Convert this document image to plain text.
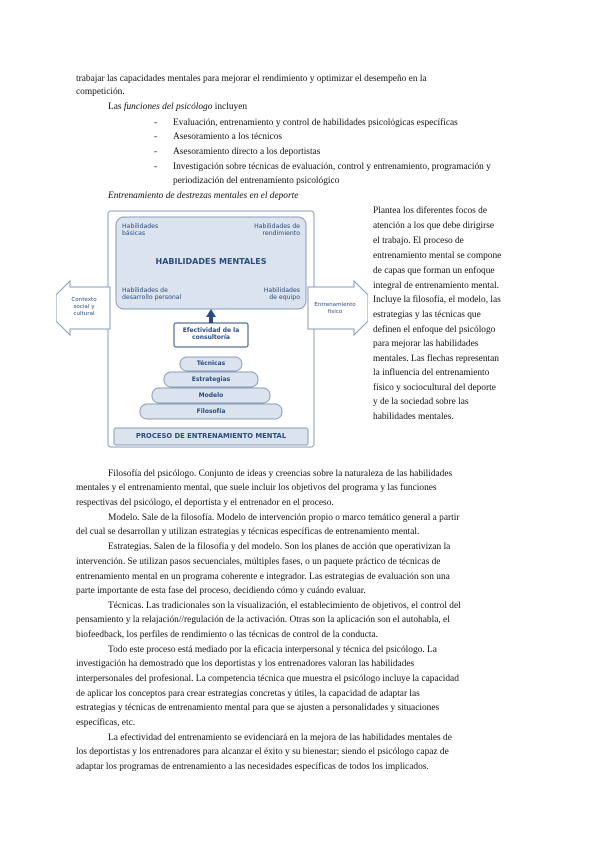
trabajar las capacidades mentales para mejorar el rendimiento y optimizar el desempeño en la
competición.
Las funciones del psicólogo incluyen
- Evaluación, entrenamiento y control de habilidades psicológicas específicas
- Asesoramiento a los técnicos
- Asesoramiento directo a los deportistas
- Investigación sobre técnicas de evaluación, control y entrenamiento, programación y
periodización del entrenamiento psicológico
Entrenamiento de destrezas mentales en el deporte
Habilidades
básicas
Habilidades de
rendimiento
HABILIDADES MENTALES
Habilidades de
desarrollo personal
Habilidades
de equipo
Contexto
social y
cultural
Entrenamiento
físico
Efectividad de la
consultoría
Técnicas
Estrategias
Modelo
Filosofía
PROCESO DE ENTRENAMIENTO MENTAL
Plantea los diferentes focos de
atención a los que debe dirigirse
el trabajo. El proceso de
entrenamiento mental se compone
de capas que forman un enfoque
integral de entrenamiento mental.
Incluye la filosofía, el modelo, las
estrategias y las técnicas que
definen el enfoque del psicólogo
para mejorar las habilidades
mentales. Las flechas representan
la influencia del entrenamiento
físico y sociocultural del deporte
y de la sociedad sobre las
habilidades mentales.
Filosofía del psicólogo. Conjunto de ideas y creencias sobre la naturaleza de las habilidades
mentales y el entrenamiento mental, que suele incluir los objetivos del programa y las funciones
respectivas del psicólogo, el deportista y el entrenador en el proceso.
Modelo. Sale de la filosofía. Modelo de intervención propio o marco temático general a partir
del cual se desarrollan y utilizan estrategias y técnicas específicas de entrenamiento mental.
Estrategias. Salen de la filosofía y del modelo. Son los planes de acción que operativizan la
intervención. Se utilizan pasos secuenciales, múltiples fases, o un paquete práctico de técnicas de
entrenamiento mental en un programa coherente e integrador. Las estrategias de evaluación son una
parte importante de esta fase del proceso, decidiendo cómo y cuándo evaluar.
Técnicas. Las tradicionales son la visualización, el establecimiento de objetivos, el control del
pensamiento y la relajación//regulación de la activación. Otras son la aplicación son el autohabla, el
biofeedback, los perfiles de rendimiento o las técnicas de control de la conducta.
Todo este proceso está mediado por la eficacia interpersonal y técnica del psicólogo. La
investigación ha demostrado que los deportistas y los entrenadores valoran las habilidades
interpersonales del profesional. La competencia técnica que muestra el psicólogo incluye la capacidad
de aplicar los conceptos para crear estrategias concretas y útiles, la capacidad de adaptar las
estrategias y técnicas de entrenamiento mental para que se ajusten a personalidades y situaciones
específicas, etc.
La efectividad del entrenamiento se evidenciará en la mejora de las habilidades mentales de
los deportistas y los entrenadores para alcanzar el éxito y su bienestar; siendo el psicólogo capaz de
adaptar los programas de entrenamiento a las necesidades específicas de todos los implicados.
